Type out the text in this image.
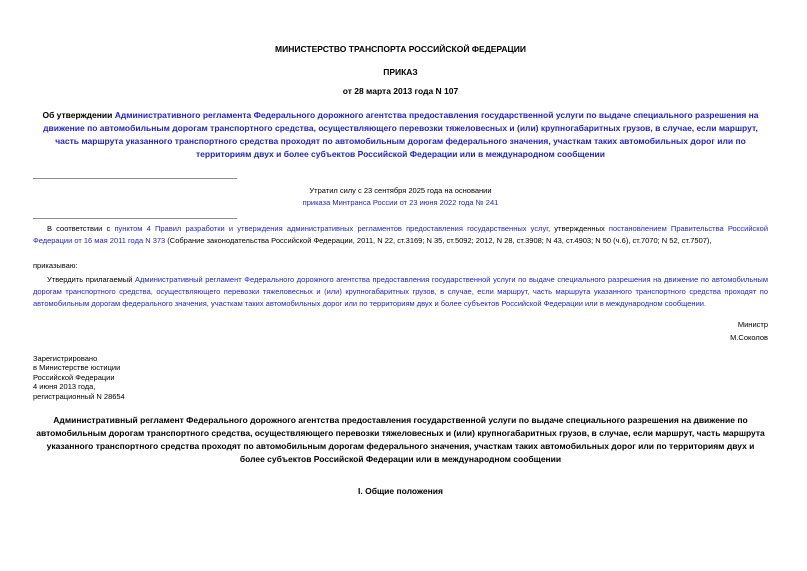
МИНИСТЕРСТВО ТРАНСПОРТА РОССИЙСКОЙ ФЕДЕРАЦИИ
ПРИКАЗ
от 28 марта 2013 года N 107

Об утверждении Административного регламента Федерального дорожного агентства предоставления государственной услуги по выдаче специального разрешения на движение по автомобильным дорогам транспортного средства, осуществляющего перевозки тяжеловесных и (или) крупногабаритных грузов, в случае, если маршрут, часть маршрута указанного транспортного средства проходят по автомобильным дорогам федерального значения, участкам таких автомобильных дорог или по территориям двух и более субъектов Российской Федерации или в международном сообщении

Утратил силу с 23 сентября 2025 года на основании
приказа Минтранса России от 23 июня 2022 года № 241

В соответствии с пунктом 4 Правил разработки и утверждения административных регламентов предоставления государственных услуг, утвержденных постановлением Правительства Российской Федерации от 16 мая 2011 года N 373 (Собрание законодательства Российской Федерации, 2011, N 22, ст.3169; N 35, ст.5092; 2012, N 28, ст.3908; N 43, ст.4903; N 50 (ч.6), ст.7070; N 52, ст.7507),

приказываю:

Утвердить прилагаемый Административный регламент Федерального дорожного агентства предоставления государственной услуги по выдаче специального разрешения на движение по автомобильным дорогам транспортного средства, осуществляющего перевозки тяжеловесных и (или) крупногабаритных грузов, в случае, если маршрут, часть маршрута указанного транспортного средства проходят по автомобильным дорогам федерального значения, участкам таких автомобильных дорог или по территориям двух и более субъектов Российской Федерации или в международном сообщении.

Министр
М.Соколов
Зарегистрировано
в Министерстве юстиции
Российской Федерации
4 июня 2013 года,
регистрационный N 28654

Административный регламент Федерального дорожного агентства предоставления государственной услуги по выдаче специального разрешения на движение по автомобильным дорогам транспортного средства, осуществляющего перевозки тяжеловесных и (или) крупногабаритных грузов, в случае, если маршрут, часть маршрута указанного транспортного средства проходят по автомобильным дорогам федерального значения, участкам таких автомобильных дорог или по территориям двух и более субъектов Российской Федерации или в международном сообщении

I. Общие положения
